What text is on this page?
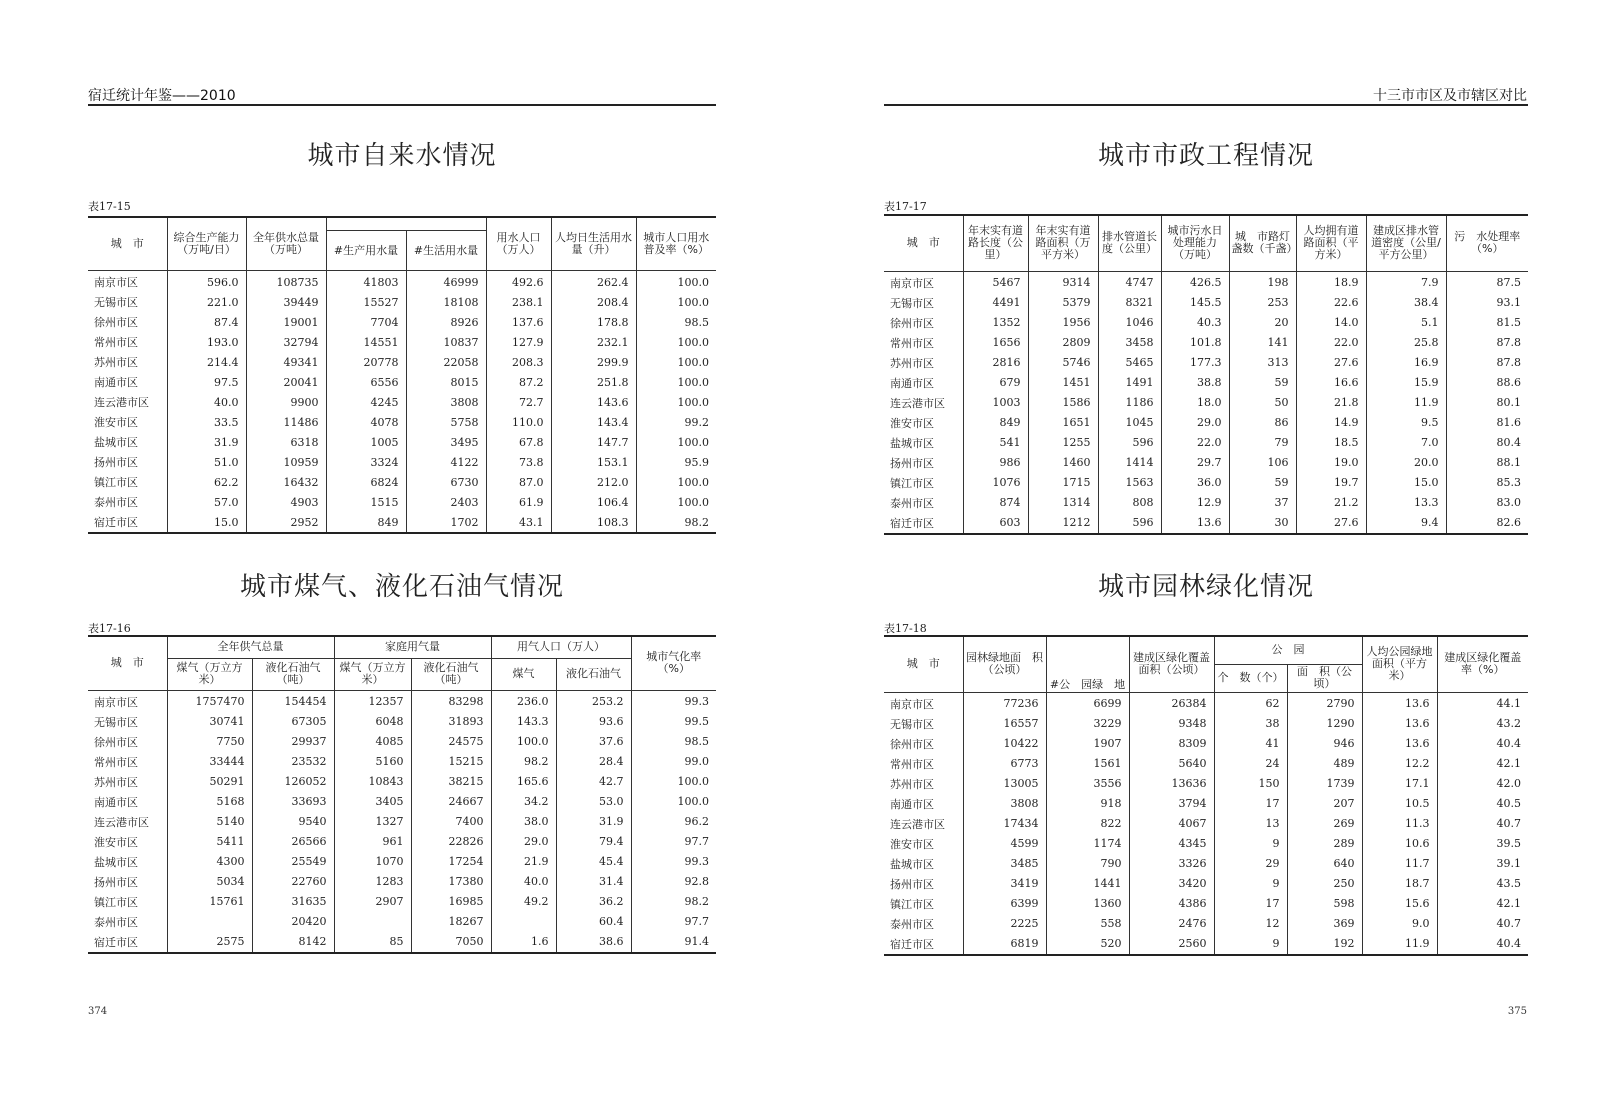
宿迁统计年鉴——2010
城市自来水情况
表17-15
城　市	综合生产能力（万吨/日）	全年供水总量（万吨）			用水人口（万人）	人均日生活用水量（升）	城市人口用水普及率（%）
			#生产用水量	#生活用水量			
南京市区	596.0	108735	41803	46999	492.6	262.4	100.0
无锡市区	221.0	39449	15527	18108	238.1	208.4	100.0
徐州市区	87.4	19001	7704	8926	137.6	178.8	98.5
常州市区	193.0	32794	14551	10837	127.9	232.1	100.0
苏州市区	214.4	49341	20778	22058	208.3	299.9	100.0
南通市区	97.5	20041	6556	8015	87.2	251.8	100.0
连云港市区	40.0	9900	4245	3808	72.7	143.6	100.0
淮安市区	33.5	11486	4078	5758	110.0	143.4	99.2
盐城市区	31.9	6318	1005	3495	67.8	147.7	100.0
扬州市区	51.0	10959	3324	4122	73.8	153.1	95.9
镇江市区	62.2	16432	6824	6730	87.0	212.0	100.0
泰州市区	57.0	4903	1515	2403	61.9	106.4	100.0
宿迁市区	15.0	2952	849	1702	43.1	108.3	98.2
城市煤气、液化石油气情况
表17-16
城　市	全年供气总量		家庭用气量		用气人口（万人）		城市气化率（%）
	煤气（万立方米）	液化石油气（吨）	煤气（万立方米）	液化石油气（吨）	煤气	液化石油气	
南京市区	1757470	154454	12357	83298	236.0	253.2	99.3
无锡市区	30741	67305	6048	31893	143.3	93.6	99.5
徐州市区	7750	29937	4085	24575	100.0	37.6	98.5
常州市区	33444	23532	5160	15215	98.2	28.4	99.0
苏州市区	50291	126052	10843	38215	165.6	42.7	100.0
南通市区	5168	33693	3405	24667	34.2	53.0	100.0
连云港市区	5140	9540	1327	7400	38.0	31.9	96.2
淮安市区	5411	26566	961	22826	29.0	79.4	97.7
盐城市区	4300	25549	1070	17254	21.9	45.4	99.3
扬州市区	5034	22760	1283	17380	40.0	31.4	92.8
镇江市区	15761	31635	2907	16985	49.2	36.2	98.2
泰州市区		20420		18267		60.4	97.7
宿迁市区	2575	8142	85	7050	1.6	38.6	91.4
374
十三市市区及市辖区对比
城市市政工程情况
表17-17
城　市	年末实有道路长度（公里）	年末实有道路面积（万平方米）	排水管道长　度（公里）	城市污水日处理能力（万吨）	城　市路灯盏数（千盏）	人均拥有道路面积（平方米）	建成区排水管道密度（公里/平方公里）	污　水处理率（%）
南京市区	5467	9314	4747	426.5	198	18.9	7.9	87.5
无锡市区	4491	5379	8321	145.5	253	22.6	38.4	93.1
徐州市区	1352	1956	1046	40.3	20	14.0	5.1	81.5
常州市区	1656	2809	3458	101.8	141	22.0	25.8	87.8
苏州市区	2816	5746	5465	177.3	313	27.6	16.9	87.8
南通市区	679	1451	1491	38.8	59	16.6	15.9	88.6
连云港市区	1003	1586	1186	18.0	50	21.8	11.9	80.1
淮安市区	849	1651	1045	29.0	86	14.9	9.5	81.6
盐城市区	541	1255	596	22.0	79	18.5	7.0	80.4
扬州市区	986	1460	1414	29.7	106	19.0	20.0	88.1
镇江市区	1076	1715	1563	36.0	59	19.7	15.0	85.3
泰州市区	874	1314	808	12.9	37	21.2	13.3	83.0
宿迁市区	603	1212	596	13.6	30	27.6	9.4	82.6
城市园林绿化情况
表17-18
城　市	园林绿地面　积（公顷）	#公　园绿　地	建成区绿化覆盖面积（公顷）	公　园		人均公园绿地面积（平方米）	建成区绿化覆盖率（%）
				个　数（个）	面　积（公顷）		
南京市区	77236	6699	26384	62	2790	13.6	44.1
无锡市区	16557	3229	9348	38	1290	13.6	43.2
徐州市区	10422	1907	8309	41	946	13.6	40.4
常州市区	6773	1561	5640	24	489	12.2	42.1
苏州市区	13005	3556	13636	150	1739	17.1	42.0
南通市区	3808	918	3794	17	207	10.5	40.5
连云港市区	17434	822	4067	13	269	11.3	40.7
淮安市区	4599	1174	4345	9	289	10.6	39.5
盐城市区	3485	790	3326	29	640	11.7	39.1
扬州市区	3419	1441	3420	9	250	18.7	43.5
镇江市区	6399	1360	4386	17	598	15.6	42.1
泰州市区	2225	558	2476	12	369	9.0	40.7
宿迁市区	6819	520	2560	9	192	11.9	40.4
375
